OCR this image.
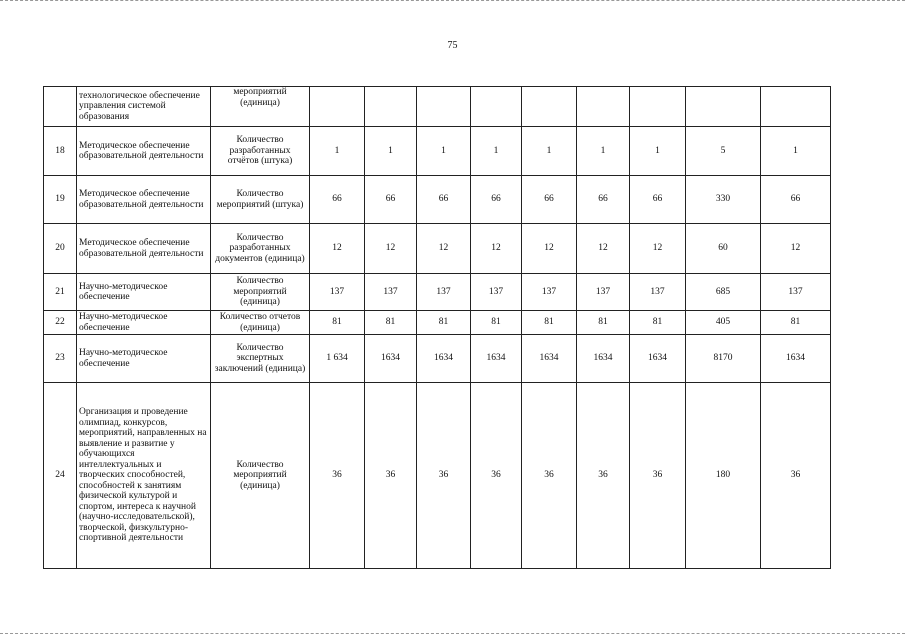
75
	технологическое обеспечение управления системой образования	мероприятий (единица)									
18	Методическое обеспечение образовательной деятельности	Количество разработанных отчётов (штука)	1	1	1	1	1	1	1	5	1
19	Методическое обеспечение образовательной деятельности	Количество мероприятий (штука)	66	66	66	66	66	66	66	330	66
20	Методическое обеспечение образовательной деятельности	Количество разработанных документов (единица)	12	12	12	12	12	12	12	60	12
21	Научно-методическое обеспечение	Количество мероприятий (единица)	137	137	137	137	137	137	137	685	137
22	Научно-методическое обеспечение	Количество отчетов (единица)	81	81	81	81	81	81	81	405	81
23	Научно-методическое обеспечение	Количество экспертных заключений (единица)	1 634	1634	1634	1634	1634	1634	1634	8170	1634
24	Организация и проведение олимпиад, конкурсов, мероприятий, направленных на выявление и развитие у обучающихся интеллектуальных и творческих способностей, способностей к занятиям физической культурой и спортом, интереса к научной (научно-исследовательской), творческой, физкультурно-спортивной деятельности	Количество мероприятий (единица)	36	36	36	36	36	36	36	180	36
